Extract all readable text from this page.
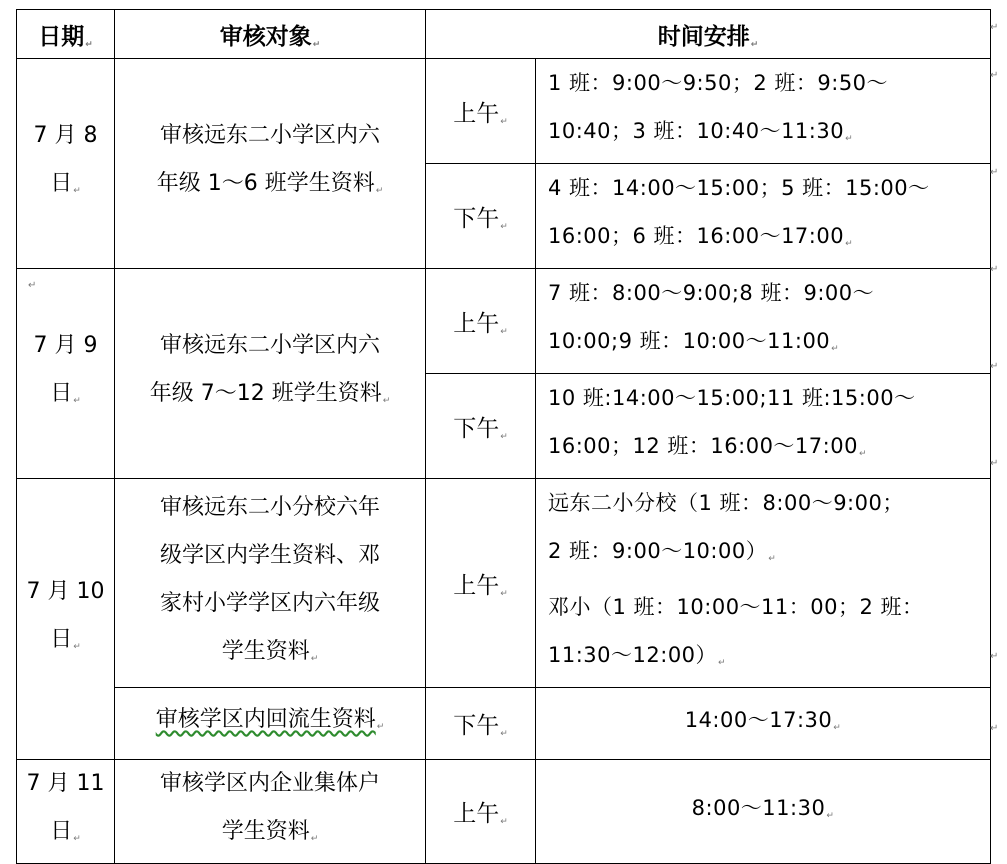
日期↵	审核对象↵	时间安排↵	

7 月 8
日↵	审核远东二小学区内六
年级 1～6 班学生资料↵	上午↵	1 班：9:00～9:50；2 班：9:50～
10:40；3 班：10:40～11:30↵

		下午↵	4 班：14:00～15:00；5 班：15:00～
16:00；6 班：16:00～17:00↵

7 月 9
日↵	审核远东二小学区内六
年级 7～12 班学生资料↵	上午↵	7 班：8:00～9:00;8 班：9:00～
10:00;9 班：10:00～11:00↵

		下午↵	10 班:14:00～15:00;11 班:15:00～
16:00；12 班：16:00～17:00↵

7 月 10
日↵	审核远东二小分校六年
级学区内学生资料、邓
家村小学学区内六年级
学生资料↵	上午↵	远东二小分校（1 班：8:00～9:00；
2 班：9:00～10:00）↵
邓小（1 班：10:00～11：00；2 班：
11:30～12:00）↵

	审核学区内回流生资料↵	下午↵	14:00～17:30↵

7 月 11
日↵	审核学区内企业集体户
学生资料↵	上午↵	8:00～11:30↵
↵
↵
↵
↵
↵
↵
↵
↵
↵
